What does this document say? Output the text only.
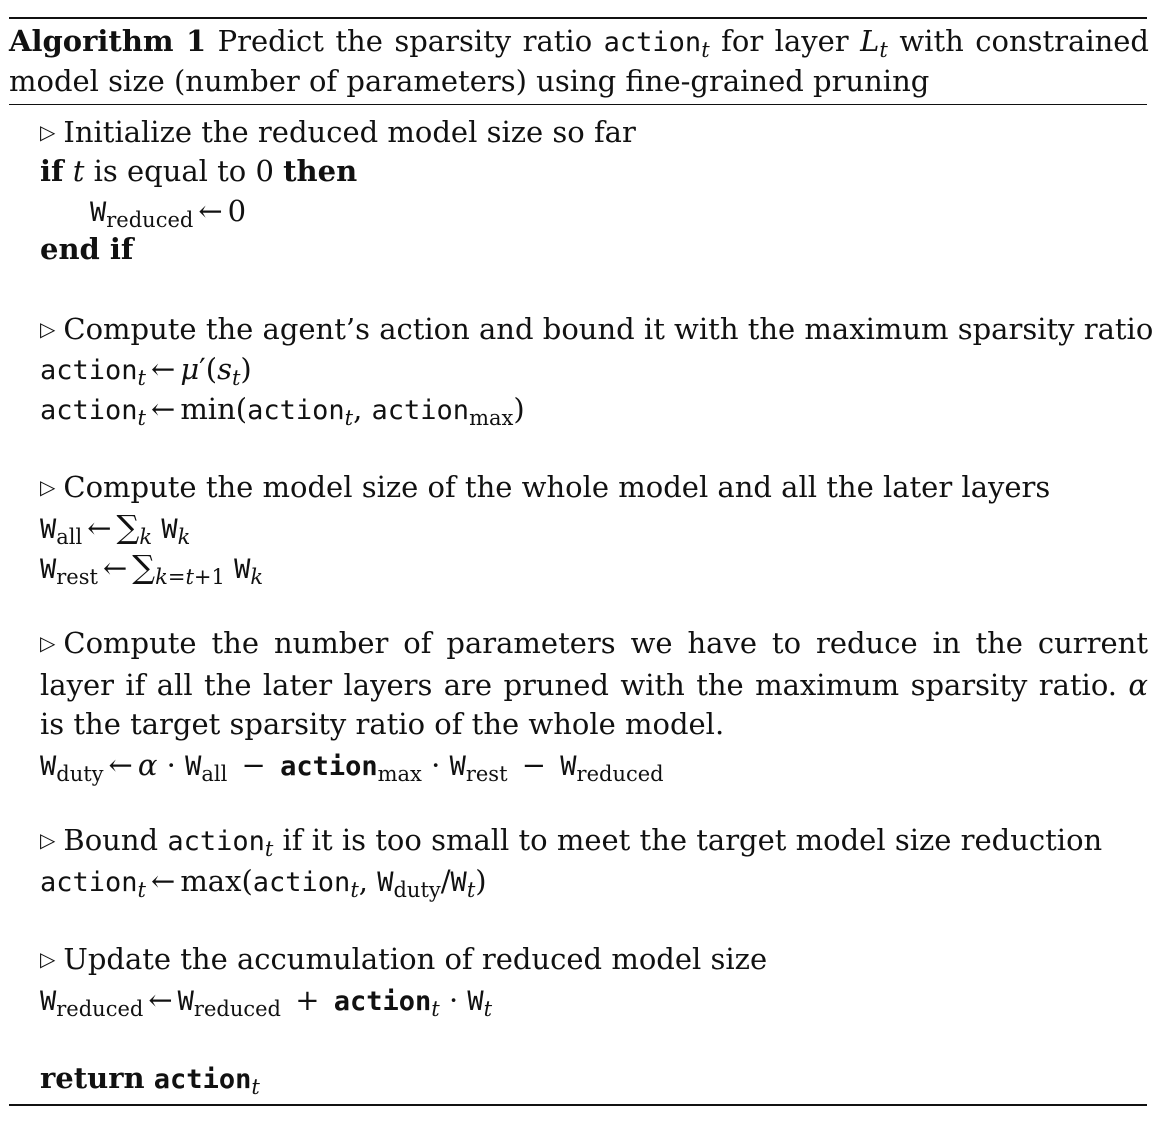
Algorithm 1 Predict the sparsity ratio action$_t$ for layer $L_t$ with constrained model size (number of parameters) using fine-grained pruning
▷ Initialize the reduced model size so far
if t is equal to 0 then
$W_{reduced}$ ← 0
end if
▷ Compute the agent’s action and bound it with the maximum sparsity ratio
action$_t$ ← $\mu'(s_t)$
action$_t$ ← min(action$_t$, action$_{max}$)
▷ Compute the model size of the whole model and all the later layers
$W_{all}$ ← $\sum_k$ $W_k$
$W_{rest}$ ← $\sum_{k=t+1}$ $W_k$
▷ Compute the number of parameters we have to reduce in the current layer if all the later layers are pruned with the maximum sparsity ratio. α is the target sparsity ratio of the whole model.
$W_{duty}$ ← $\alpha \cdot W_{all}$ − action$_{max}$ · $W_{rest} - W_{reduced}$
▷ Bound action$_t$ if it is too small to meet the target model size reduction
action$_t$ ← max(action$_t$, $W_{duty}/W_t$)
▷ Update the accumulation of reduced model size
$W_{reduced}$ ← $W_{reduced}$ + action$_t$ · $W_t$
return action$_t$
